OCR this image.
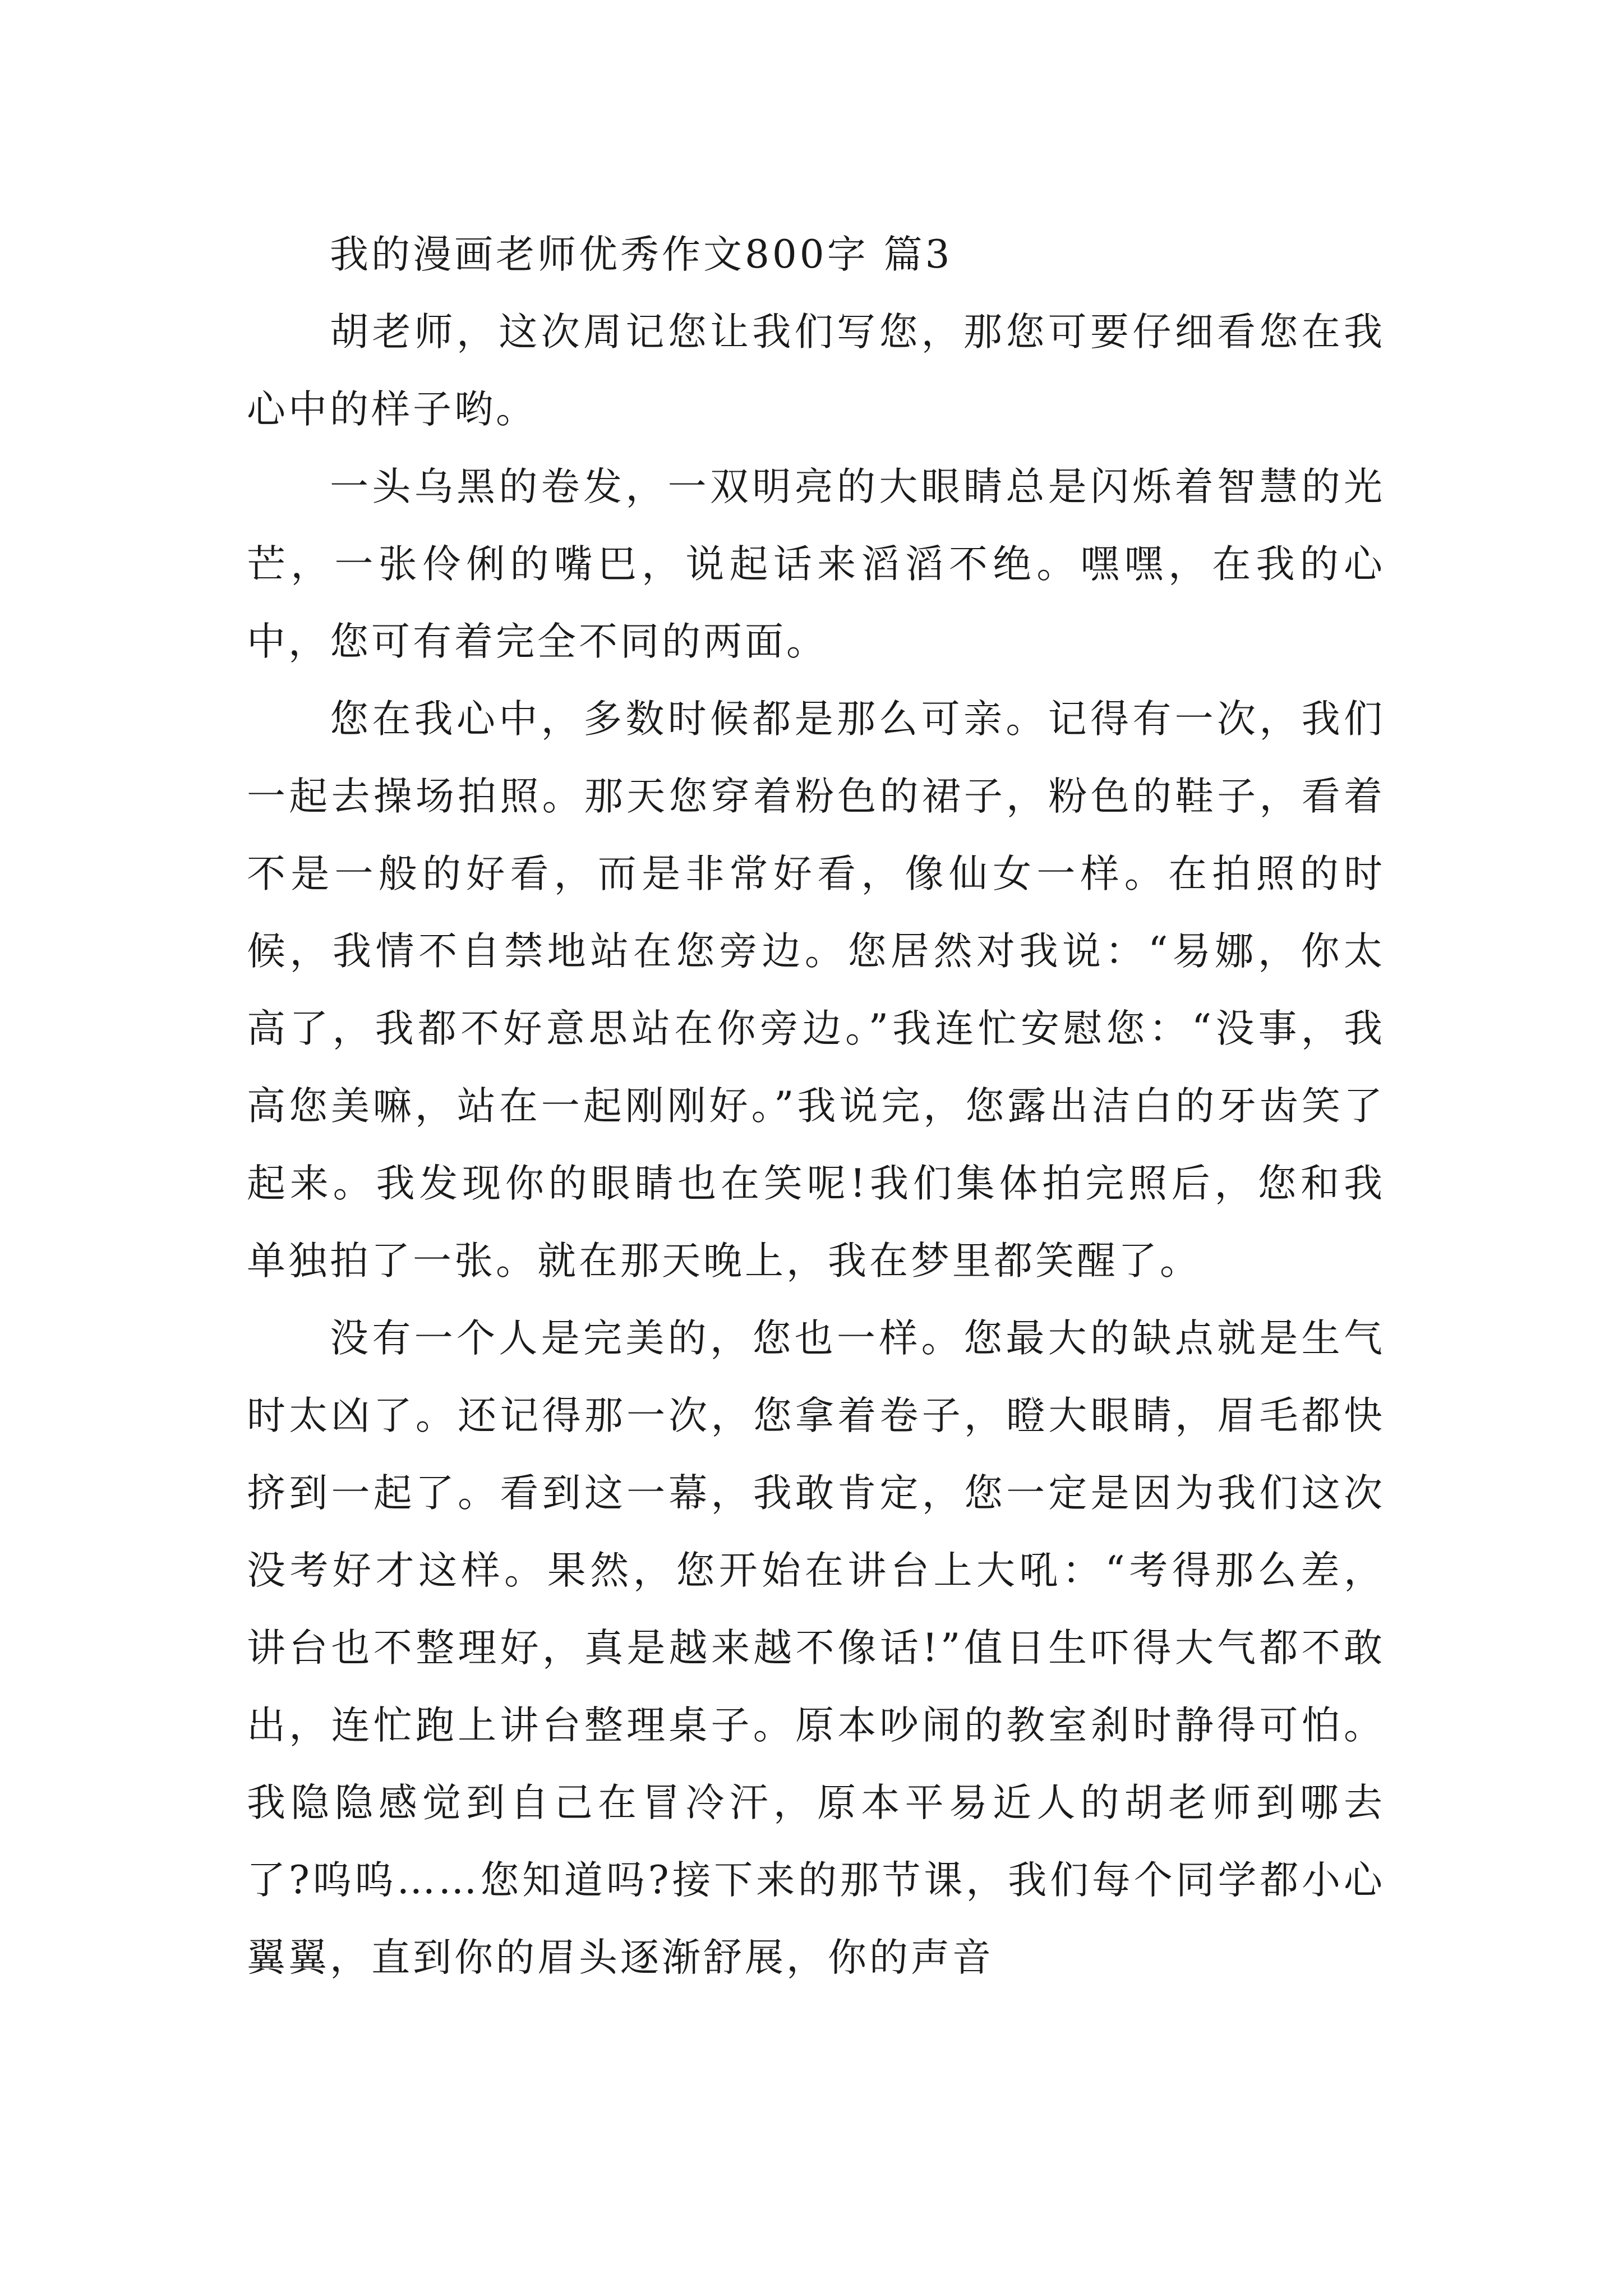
我的漫画老师优秀作文800字 篇3

胡老师，这次周记您让我们写您，那您可要仔细看您在我心中的样子哟。

一头乌黑的卷发，一双明亮的大眼睛总是闪烁着智慧的光芒，一张伶俐的嘴巴，说起话来滔滔不绝。嘿嘿，在我的心中，您可有着完全不同的两面。

您在我心中，多数时候都是那么可亲。记得有一次，我们一起去操场拍照。那天您穿着粉色的裙子，粉色的鞋子，看着不是一般的好看，而是非常好看，像仙女一样。在拍照的时候，我情不自禁地站在您旁边。您居然对我说：“易娜，你太高了，我都不好意思站在你旁边。”我连忙安慰您：“没事，我高您美嘛，站在一起刚刚好。”我说完，您露出洁白的牙齿笑了起来。我发现你的眼睛也在笑呢!我们集体拍完照后，您和我单独拍了一张。就在那天晚上，我在梦里都笑醒了。

没有一个人是完美的，您也一样。您最大的缺点就是生气时太凶了。还记得那一次，您拿着卷子，瞪大眼睛，眉毛都快挤到一起了。看到这一幕，我敢肯定，您一定是因为我们这次没考好才这样。果然，您开始在讲台上大吼：“考得那么差，讲台也不整理好，真是越来越不像话!”值日生吓得大气都不敢出，连忙跑上讲台整理桌子。原本吵闹的教室刹时静得可怕。我隐隐感觉到自己在冒冷汗，原本平易近人的胡老师到哪去了?呜呜……您知道吗?接下来的那节课，我们每个同学都小心翼翼，直到你的眉头逐渐舒展，你的声音
